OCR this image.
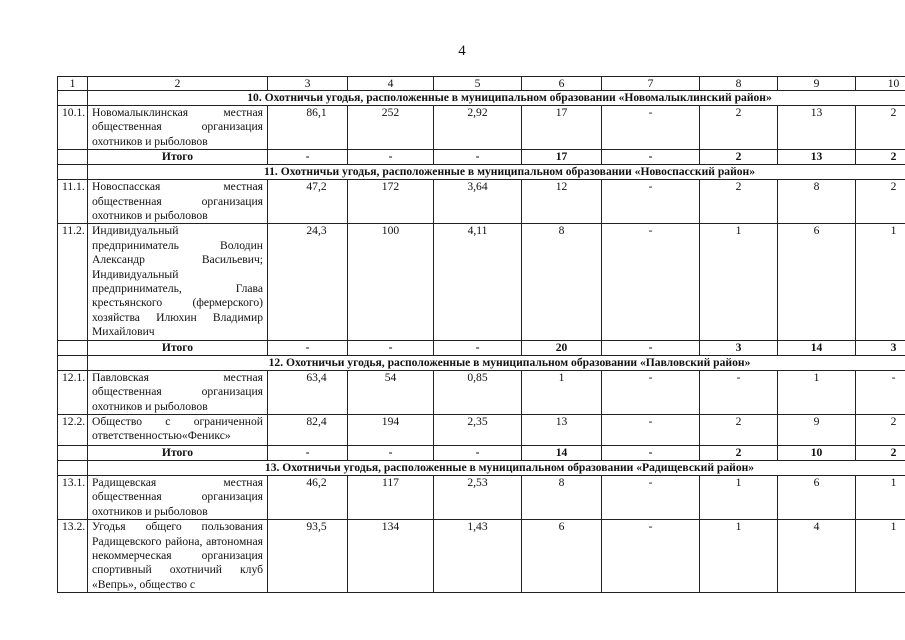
4
1	2	3	4	5	6	7	8	9	10
	10. Охотничьи угодья, расположенные в муниципальном образовании «Новомалыклинский район»								
10.1.	Новомалыклинская местная общественная организация охотников и рыболовов	86,1	252	2,92	17	-	2	13	2
	Итого	-	-	-	17	-	2	13	2
	11. Охотничьи угодья, расположенные в муниципальном образовании «Новоспасский район»								
11.1.	Новоспасская местная общественная организация охотников и рыболовов	47,2	172	3,64	12	-	2	8	2
11.2.	Индивидуальный предприниматель Володин Александр Васильевич; Индивидуальный предприниматель, Глава крестьянского (фермерского) хозяйства Илюхин Владимир Михайлович	24,3	100	4,11	8	-	1	6	1
	Итого	-	-	-	20	-	3	14	3
	12. Охотничьи угодья, расположенные в муниципальном образовании «Павловский район»								
12.1.	Павловская местная общественная организация охотников и рыболовов	63,4	54	0,85	1	-	-	1	-
12.2.	Общество с ограниченной ответственностью«Феникс»	82,4	194	2,35	13	-	2	9	2
	Итого	-	-	-	14	-	2	10	2
	13. Охотничьи угодья, расположенные в муниципальном образовании «Радищевский район»								
13.1.	Радищевская местная общественная организация охотников и рыболовов	46,2	117	2,53	8	-	1	6	1
13.2.	Угодья общего пользования Радищевского района, автономная некоммерческая организация спортивный охотничий клуб «Вепрь», общество с	93,5	134	1,43	6	-	1	4	1
